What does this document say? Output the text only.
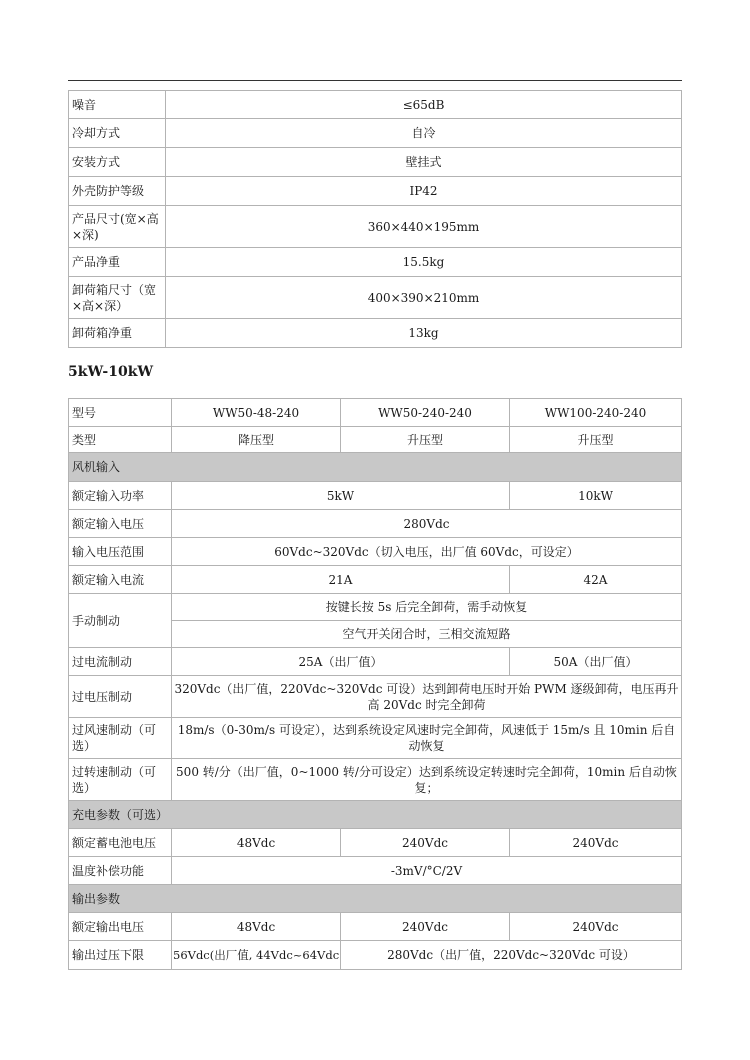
噪音	≤65dB
冷却方式	自冷
安装方式	壁挂式
外壳防护等级	IP42
产品尺寸(宽×高×深)	360×440×195mm
产品净重	15.5kg
卸荷箱尺寸（宽×高×深）	400×390×210mm
卸荷箱净重	13kg
5kW-10kW
型号	WW50-48-240	WW50-240-240	WW100-240-240
类型	降压型	升压型	升压型
风机输入			
额定输入功率	5kW		10kW
额定输入电压	280Vdc		
输入电压范围	60Vdc~320Vdc（切入电压，出厂值 60Vdc，可设定）		
额定输入电流	21A		42A
手动制动	按键长按 5s 后完全卸荷，需手动恢复		
	空气开关闭合时，三相交流短路		
过电流制动	25A（出厂值）		50A（出厂值）
过电压制动	320Vdc（出厂值，220Vdc~320Vdc 可设）达到卸荷电压时开始 PWM 逐级卸荷，电压再升高 20Vdc 时完全卸荷		
过风速制动（可选）	18m/s（0-30m/s 可设定），达到系统设定风速时完全卸荷，风速低于 15m/s 且 10min 后自动恢复		
过转速制动（可选）	500 转/分（出厂值，0~1000 转/分可设定）达到系统设定转速时完全卸荷，10min 后自动恢复；		
充电参数（可选）			
额定蓄电池电压	48Vdc	240Vdc	240Vdc
温度补偿功能	-3mV/°C/2V		
输出参数			
额定输出电压	48Vdc	240Vdc	240Vdc
输出过压下限	56Vdc(出厂值, 44Vdc~64Vdc	280Vdc（出厂值，220Vdc~320Vdc 可设）	
